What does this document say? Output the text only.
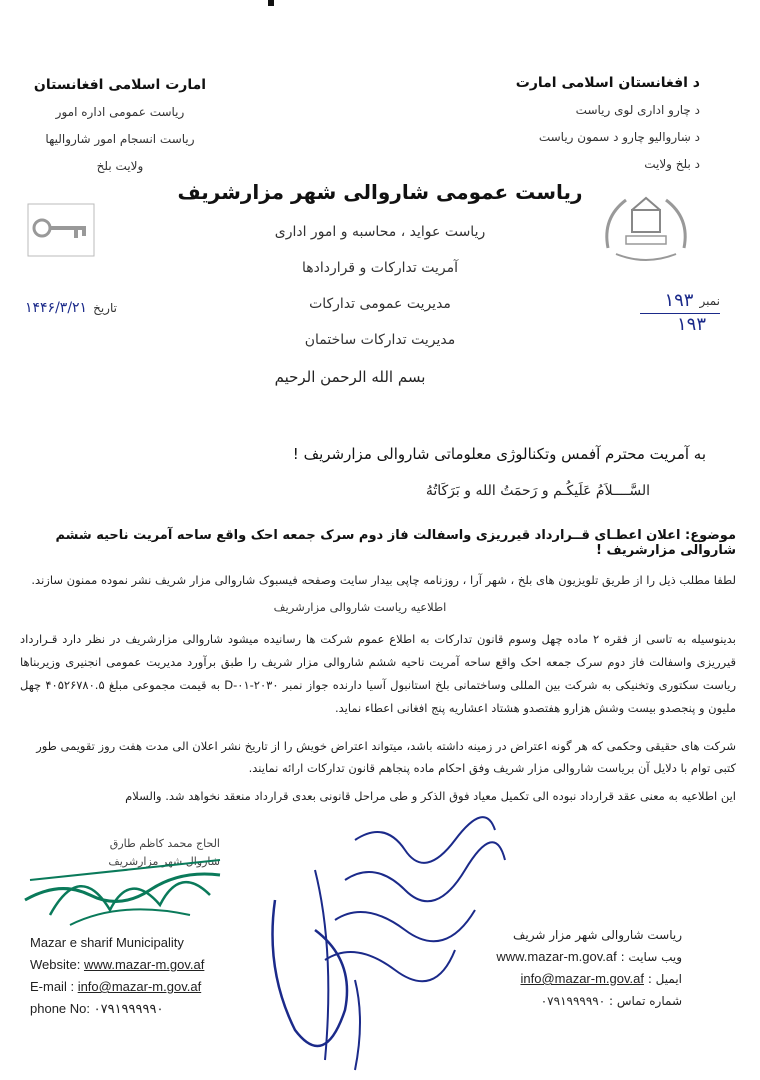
امارت اسلامی افغانستان
ریاست عمومی اداره امور
ریاست انسجام امور شاروالیها
ولایت بلخ
د افغانستان اسلامی امارت
د چارو اداری لوی ریاست
د ښاروالیو چارو د سمون ریاست
د بلخ ولایت
ریاست عمومی شاروالی شهر مزارشریف
ریاست عواید ، محاسبه و امور اداری
آمریت تدارکات و قراردادها
مدیریت عمومی تدارکات
مدیریت تدارکات ساختمان
تاریخ
۱۴۴۶/۳/۲۱	نمبر
۱۹۳
۱۹۳
بسم الله الرحمن الرحیم
به آمریت محترم آفمس وتکنالوژی معلوماتی شاروالی مزارشریف !
السَّــــلاَمُ عَلَیکُـم و رَحمَتُ الله و بَرَکَاتُهُ
موضوع: اعلان اعطـای قــرارداد قیرریزی واسفالت فاز دوم سرک جمعه احک واقع ساحه آمریت ناحیه ششم شاروالی مزارشریف !
لطفا مطلب ذیل را از طریق تلویزیون های بلخ ، شهر آرا ، روزنامه چاپی بیدار سایت وصفحه فیسبوک شاروالی مزار شریف نشر نموده ممنون سازند.
اطلاعیه ریاست شاروالی مزارشریف
بدینوسیله به تاسی از فقره ۲ ماده چهل وسوم قانون تدارکات به اطلاع عموم شرکت ها رسانیده میشود شاروالی مزارشریف در نظر دارد قـرارداد قیرریزی واسفالت فاز دوم سرک جمعه احک واقع ساحه آمریت ناحیه ششم شاروالی مزار شریف را طبق برآورد مدیریت عمومی انجنیری وزیربنا‌ها ریاست سکتوری وتخنیکی به شرکت بین المللی وساختمانی بلخ استانبول آسیا دارنده جواز نمبر D-۰۱-۲۰۳۰ به قیمت مجموعی مبلغ ۴۰۵۲۶۷۸۰.۵ چهل ملیون و پنجصدو بیست وشش هزارو هفتصدو هشتاد اعشاریه پنج افغانی اعطاء نماید.
شرکت های حقیقی وحکمی که هر گونه اعتراض در زمینه داشته باشد، میتواند اعتراض خویش را از تاریخ نشر اعلان الی مدت هفت روز تقویمی طور کتبی توام با دلایل آن بریاست شاروالی مزار شریف وفق احکام ماده پنجاهم قانون تدارکات ارائه نمایند.
این اطلاعیه به معنی عقد قرارداد نبوده الی تکمیل معیاد فوق الذکر و طی مراحل قانونی بعدی قرارداد منعقد نخواهد شد. والسلام
الحاج محمد کاظم طارق
شاروال شهر مزارشریف
Mazar e sharif Municipality
Website: www.mazar-m.gov.af
E-mail : info@mazar-m.gov.af
phone No: ۰۷۹۱۹۹۹۹۹۰
ریاست شاروالی شهر مزار شریف
ویب سایت : www.mazar-m.gov.af
ایمیل : info@mazar-m.gov.af
شماره تماس : ۰۷۹۱۹۹۹۹۹۰
